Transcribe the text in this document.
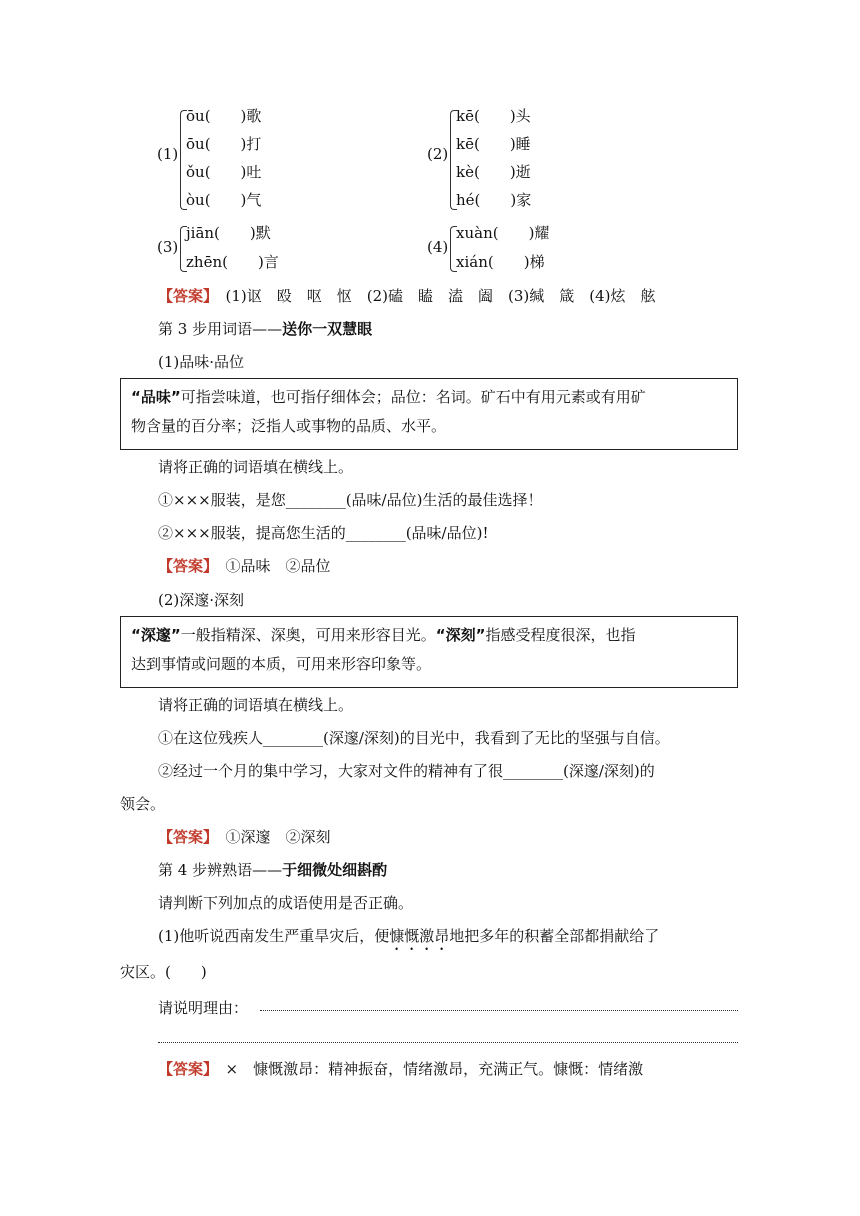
(1)
ōu(　　)歌
ōu(　　)打
ǒu(　　)吐
òu(　　)气
(2)
kē(　　)头
kē(　　)睡
kè(　　)逝
hé(　　)家
(3)
jiān(　　)默
zhēn(　　)言
(4)
xuàn(　　)耀
xián(　　)梯
【答案】　 (1)讴　殴　呕　怄　(2)磕　瞌　溘　阖　(3)缄　箴　(4)炫　舷
第 3 步用词语——送你一双慧眼
(1)品味·品位
“品味”可指尝味道，也可指仔细体会；品位：名词。矿石中有用元素或有用矿
物含量的百分率；泛指人或事物的品质、水平。
请将正确的词语填在横线上。
①×××服装，是您________(品味/品位)生活的最佳选择！
②×××服装，提高您生活的________(品味/品位)!
【答案】　 ①品味　②品位
(2)深邃·深刻
“深邃”一般指精深、深奥，可用来形容目光。“深刻”指感受程度很深，也指
达到事情或问题的本质，可用来形容印象等。
请将正确的词语填在横线上。
①在这位残疾人________(深邃/深刻)的目光中，我看到了无比的坚强与自信。
②经过一个月的集中学习，大家对文件的精神有了很________(深邃/深刻)的
领会。
【答案】　 ①深邃　②深刻
第 4 步辨熟语——于细微处细斟酌
请判断下列加点的成语使用是否正确。
(1)他听说西南发生严重旱灾后，便慷慨激昂地把多年的积蓄全部都捐献给了
灾区。(　　)
请说明理由：
【答案】　 ×　慷慨激昂：精神振奋，情绪激昂，充满正气。慷慨：情绪激
